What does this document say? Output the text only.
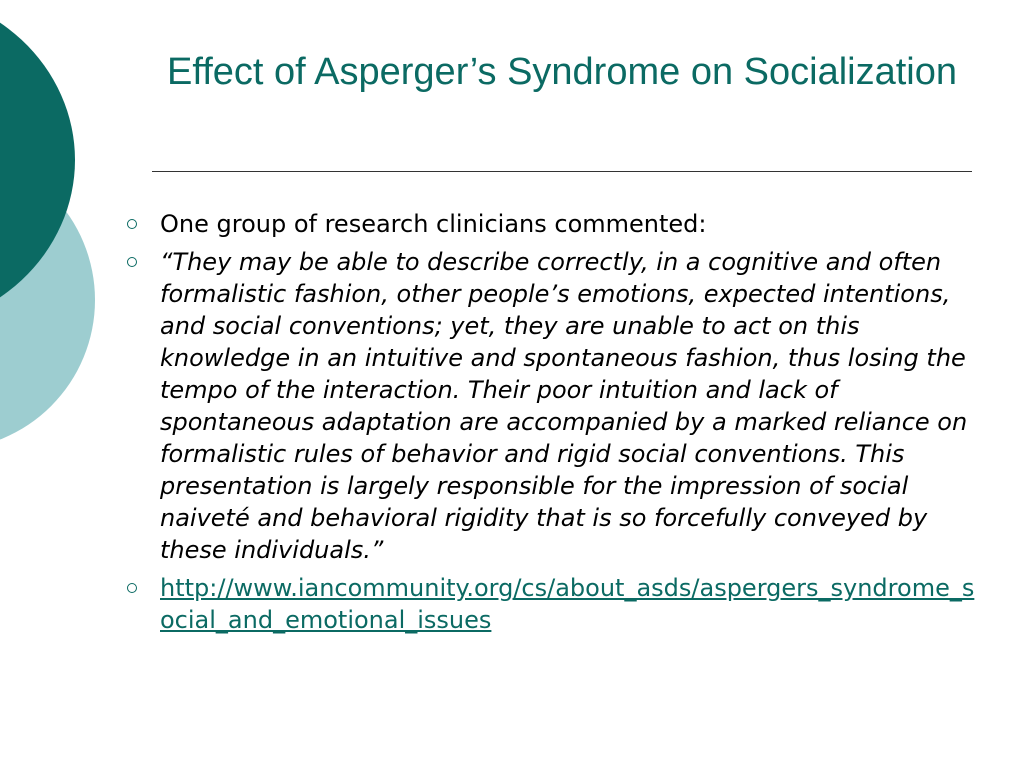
Effect of Asperger’s Syndrome on Socialization
One group of research clinicians commented:
“They may be able to describe correctly, in a cognitive and often formalistic fashion, other people’s emotions, expected intentions, and social conventions; yet, they are unable to act on this knowledge in an intuitive and spontaneous fashion, thus losing the tempo of the interaction. Their poor intuition and lack of spontaneous adaptation are accompanied by a marked reliance on formalistic rules of behavior and rigid social conventions. This presentation is largely responsible for the impression of social naiveté and behavioral rigidity that is so forcefully conveyed by these individuals.”
http://www.iancommunity.org/cs/about_asds/aspergers_syndrome_social_and_emotional_issues
